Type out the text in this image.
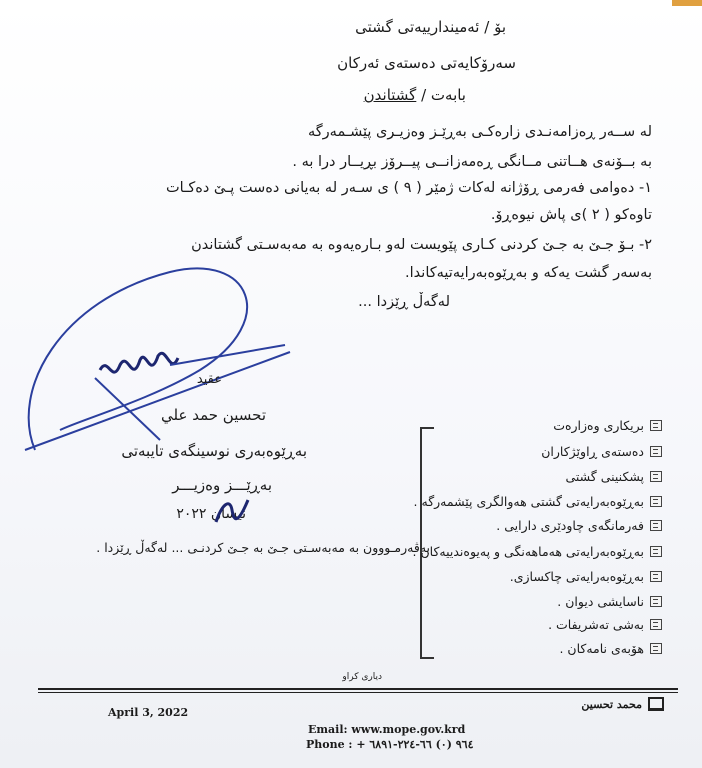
بۆ / ئەمیندارییەتی گشتی
سەرۆکایەتی دەستەی ئەرکان
بابەت / گشتاندن
لە ســەر ڕەزامەنـدی زارەکـی بەڕێـز وەزیـری پێشـمەرگە
بە بــۆنەی هــاتنی مــانگی ڕەمەزانــی پیــرۆز بڕیــار درا بە .
١- دەوامی فەرمی ڕۆژانە لەکات ژمێر ( ٩ ) ی سـەر لە بەیانی دەست پـێ دەکـات
تاوەکو ( ٢ )ی پاش نیوەڕۆ.
٢- بـۆ جـێ بە جـێ کردنی کـاری پێویست لەو بـارەیەوە بە مەبەسـتی گشتاندن
بەسەر گشت یەکە و بەڕێوەبەرایەتیەکاندا.
لەگەڵ ڕێزدا ...
عقيد
تحسين حمد علي
بەڕێوەبەری نوسینگەی تایبەتی
بەڕێـــز وەزیـــر
نیسان ٢٠٢٢
بەڤەرمـووون بە مەبەسـتی جـێ بە جـێ کردنـی ... لەگەڵ ڕێزدا .
بریکاری وەزارەت
دەستەی ڕاوێژکاران
پشکنینی گشتی
بەڕێوەبەرایەتی گشتی هەوالگری پێشمەرگە .
فەرمانگەی چاودێری دارایی .
بەڕێوەبەرایەتی هەماهەنگی و پەیوەندییەکان .
بەڕێوەبەرایەتی چاکسازی.
ناسایشی دیوان .
بەشی تەشریفات .
هۆبەی نامەکان .
دیاری کراو
محمد تحسين
April 3, 2022
Email: www.mope.gov.krd
Phone : + ٩٦٤ (٠) ٦٦-٢٢٤-٦٨٩١
